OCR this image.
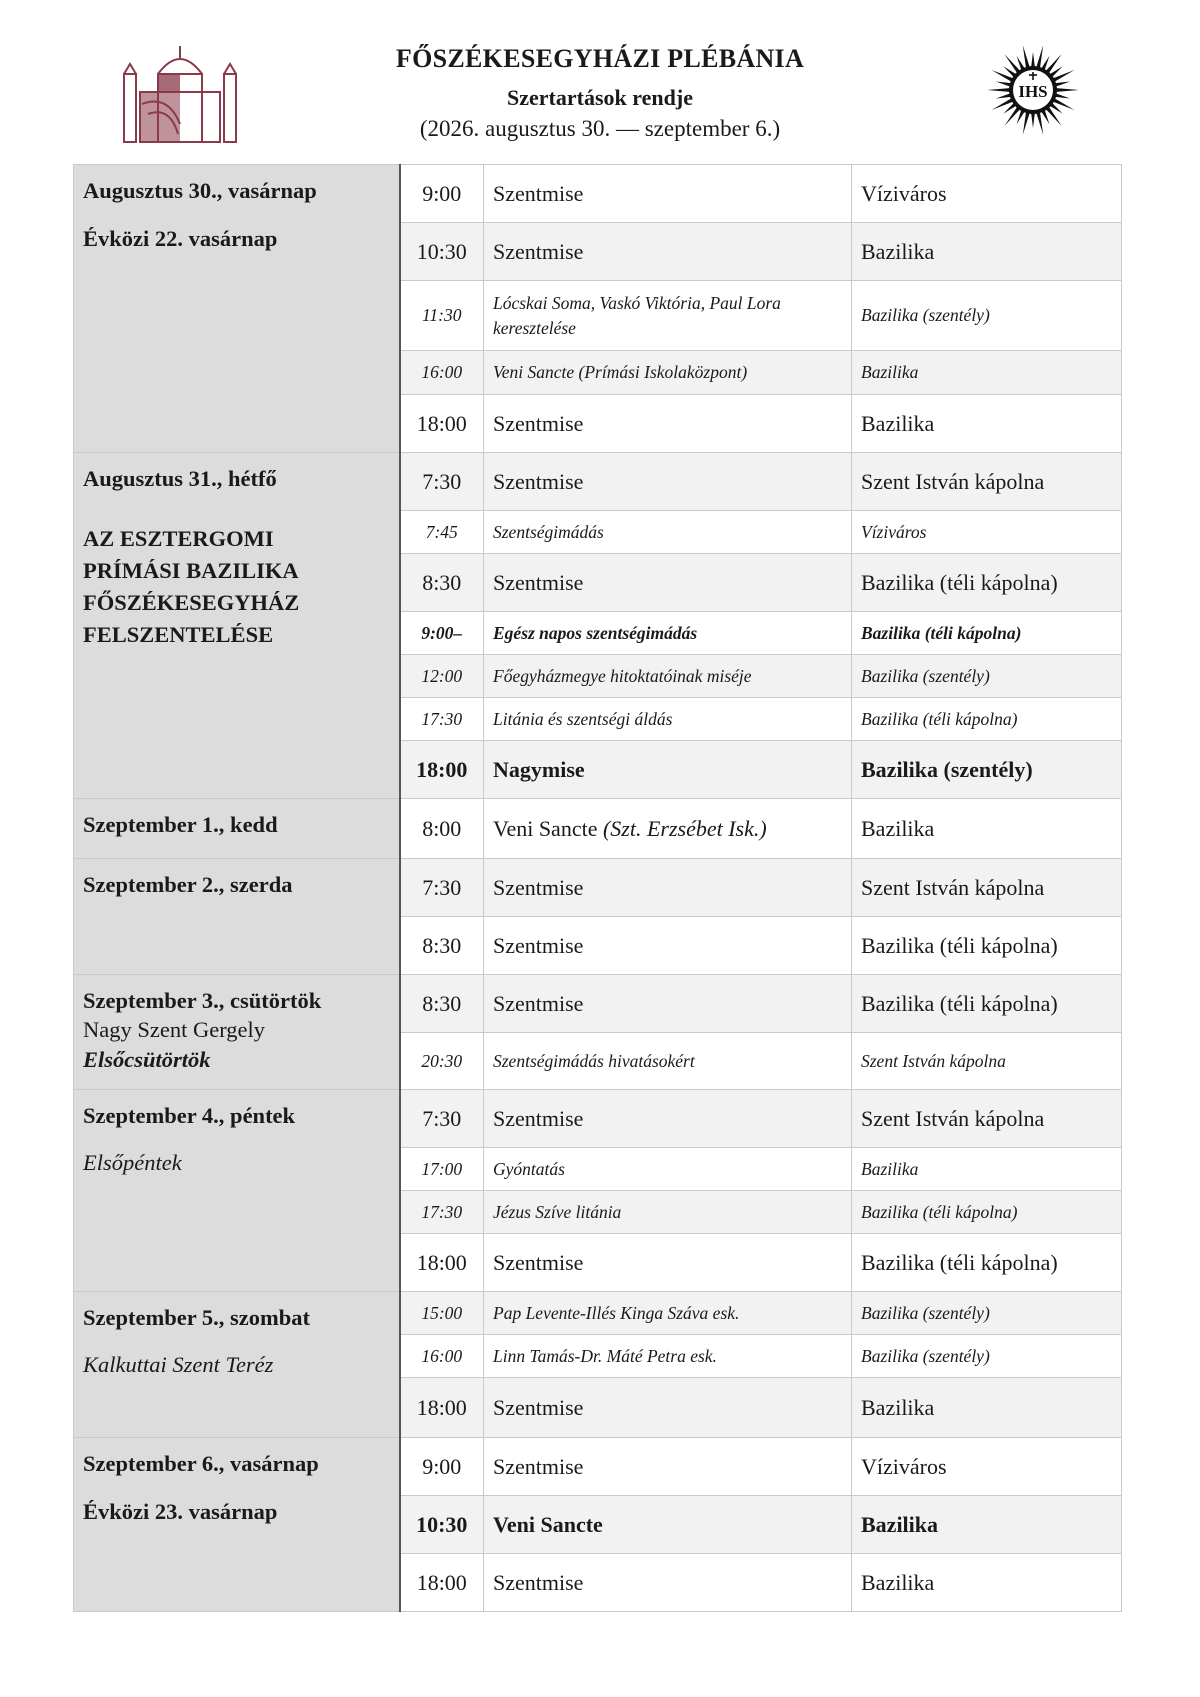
FŐSZÉKESEGYHÁZI PLÉBÁNIA
Szertartások rendje
(2026. augusztus 30. — szeptember 6.)
IHS
Augusztus 30., vasárnap
Évközi 22. vasárnap	9:00	Szentmise	Víziváros
	10:30	Szentmise	Bazilika
	11:30	Lócskai Soma, Vaskó Viktória, Paul Lora keresztelése	Bazilika (szentély)
	16:00	Veni Sancte (Prímási Iskolaközpont)	Bazilika
	18:00	Szentmise	Bazilika

Augusztus 31., hétfő
AZ ESZTERGOMI
PRÍMÁSI BAZILIKA
FŐSZÉKESEGYHÁZ
FELSZENTELÉSE	7:30	Szentmise	Szent István kápolna
	7:45	Szentségimádás	Víziváros
	8:30	Szentmise	Bazilika (téli kápolna)
	9:00–	Egész napos szentségimádás	Bazilika (téli kápolna)
	12:00	Főegyházmegye hitoktatóinak miséje	Bazilika (szentély)
	17:30	Litánia és szentségi áldás	Bazilika (téli kápolna)
	18:00	Nagymise	Bazilika (szentély)

Szeptember 1., kedd	8:00	Veni Sancte (Szt. Erzsébet Isk.)	Bazilika

Szeptember 2., szerda	7:30	Szentmise	Szent István kápolna
	8:30	Szentmise	Bazilika (téli kápolna)

Szeptember 3., csütörtök
Nagy Szent Gergely
Elsőcsütörtök	8:30	Szentmise	Bazilika (téli kápolna)
	20:30	Szentségimádás hivatásokért	Szent István kápolna

Szeptember 4., péntek
Elsőpéntek	7:30	Szentmise	Szent István kápolna
	17:00	Gyóntatás	Bazilika
	17:30	Jézus Szíve litánia	Bazilika (téli kápolna)
	18:00	Szentmise	Bazilika (téli kápolna)

Szeptember 5., szombat
Kalkuttai Szent Teréz	15:00	Pap Levente-Illés Kinga Száva esk.	Bazilika (szentély)
	16:00	Linn Tamás-Dr. Máté Petra esk.	Bazilika (szentély)
	18:00	Szentmise	Bazilika

Szeptember 6., vasárnap
Évközi 23. vasárnap	9:00	Szentmise	Víziváros
	10:30	Veni Sancte	Bazilika
	18:00	Szentmise	Bazilika
